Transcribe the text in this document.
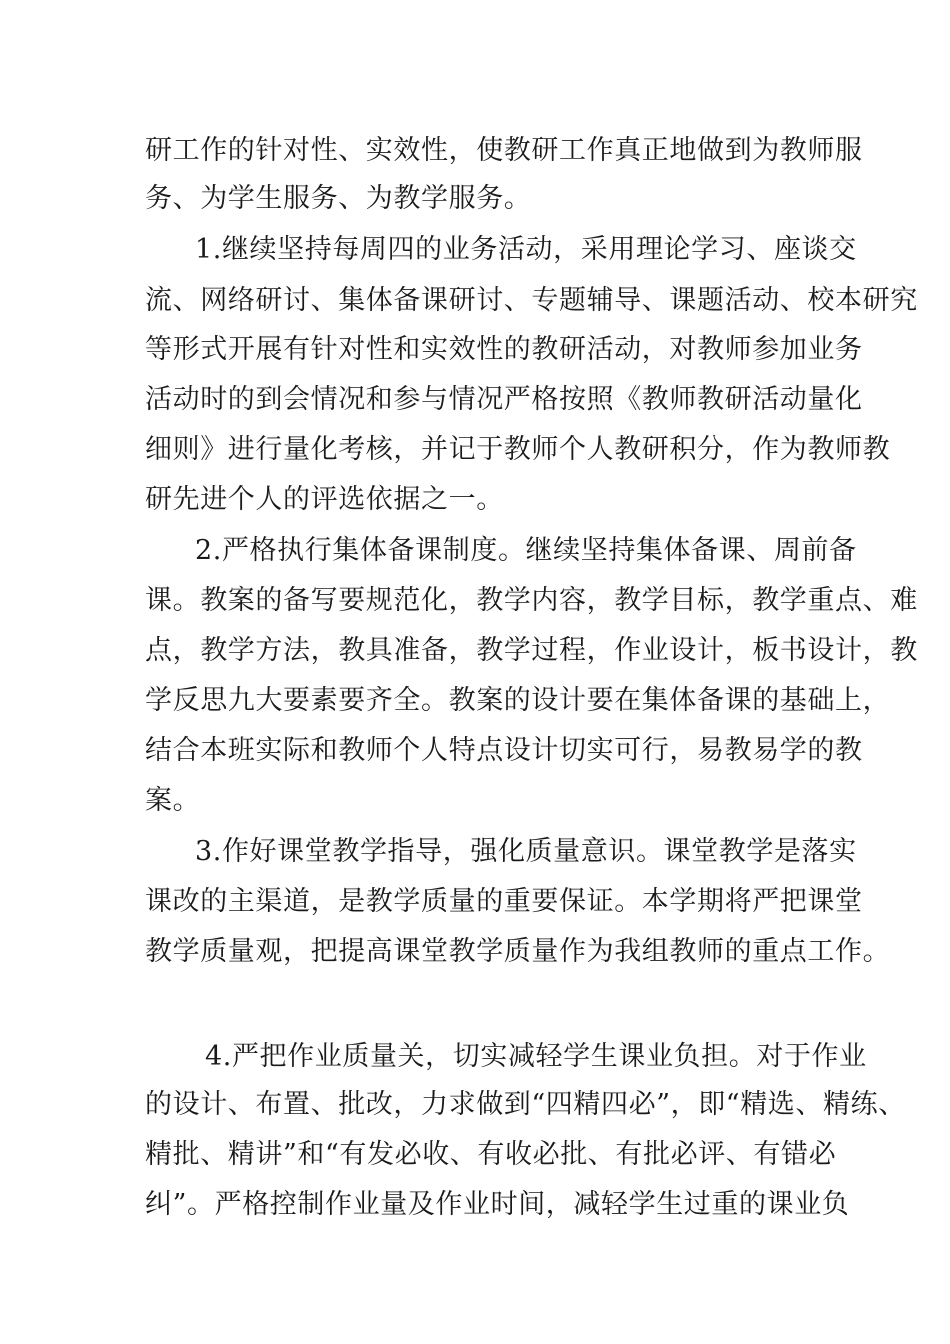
研工作的针对性、实效性，使教研工作真正地做到为教师服
务、为学生服务、为教学服务。
1.继续坚持每周四的业务活动，采用理论学习、座谈交
流、网络研讨、集体备课研讨、专题辅导、课题活动、校本研究
等形式开展有针对性和实效性的教研活动，对教师参加业务
活动时的到会情况和参与情况严格按照《教师教研活动量化
细则》进行量化考核，并记于教师个人教研积分，作为教师教
研先进个人的评选依据之一。
2.严格执行集体备课制度。继续坚持集体备课、周前备
课。教案的备写要规范化，教学内容，教学目标，教学重点、难
点，教学方法，教具准备，教学过程，作业设计，板书设计，教
学反思九大要素要齐全。教案的设计要在集体备课的基础上，
结合本班实际和教师个人特点设计切实可行，易教易学的教
案。
3.作好课堂教学指导，强化质量意识。课堂教学是落实
课改的主渠道，是教学质量的重要保证。本学期将严把课堂
教学质量观，把提高课堂教学质量作为我组教师的重点工作。
4.严把作业质量关，切实减轻学生课业负担。对于作业
的设计、布置、批改，力求做到“四精四必”，即“精选、精练、
精批、精讲”和“有发必收、有收必批、有批必评、有错必
纠”。严格控制作业量及作业时间，减轻学生过重的课业负
